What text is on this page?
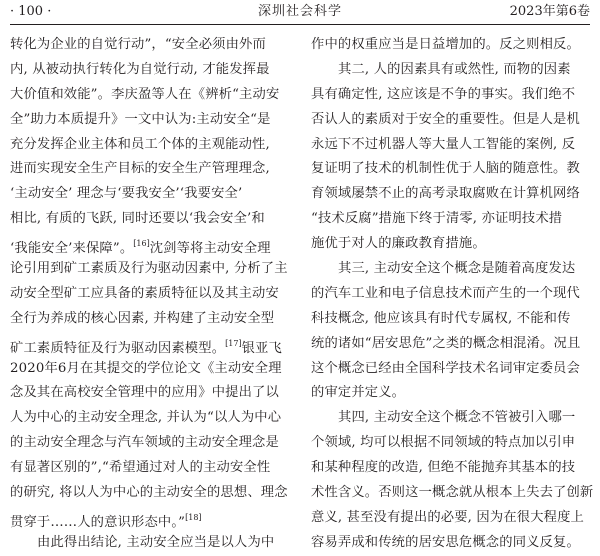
· 100 ·	深圳社会科学	2023年第6卷
转化为企业的自觉行动”，“安全必须由外而
内, 从被动执行转化为自觉行动, 才能发挥最
大价值和效能”。李庆盈等人在《辨析“主动安
全”助力本质提升》一文中认为:主动安全“是
充分发挥企业主体和员工个体的主观能动性,
进而实现安全生产目标的安全生产管理理念,
‘主动安全’ 理念与‘要我安全’‘我要安全’
相比, 有质的飞跃, 同时还要以‘我会安全’和
‘我能安全’来保障”。[16]沈剑等将主动安全理
论引用到矿工素质及行为驱动因素中, 分析了主
动安全型矿工应具备的素质特征以及其主动安
全行为养成的核心因素, 并构建了主动安全型
矿工素质特征及行为驱动因素模型。[17]银亚飞
2020年6月在其提交的学位论文《主动安全理
念及其在高校安全管理中的应用》中提出了以
人为中心的主动安全理念, 并认为“以人为中心
的主动安全理念与汽车领域的主动安全理念是
有显著区别的”,“希望通过对人的主动安全性
的研究, 将以人为中心的主动安全的思想、理念
贯穿于……人的意识形态中。”[18]
由此得出结论, 主动安全应当是以人为中
作中的权重应当是日益增加的。反之则相反。
其二, 人的因素具有或然性, 而物的因素
具有确定性, 这应该是不争的事实。我们绝不
否认人的素质对于安全的重要性。但是人是机
永远下不过机器人等大量人工智能的案例, 反
复证明了技术的机制性优于人脑的随意性。教
育领域屡禁不止的高考录取腐败在计算机网络
“技术反腐”措施下终于清零, 亦证明技术措
施优于对人的廉政教育措施。
其三, 主动安全这个概念是随着高度发达
的汽车工业和电子信息技术而产生的一个现代
科技概念, 他应该具有时代专属权, 不能和传
统的诸如“居安思危”之类的概念相混淆。况且
这个概念已经由全国科学技术名词审定委员会
的审定并定义。
其四, 主动安全这个概念不管被引入哪一
个领域, 均可以根据不同领域的特点加以引申
和某种程度的改造, 但绝不能抛弃其基本的技
术性含义。否则这一概念就从根本上失去了创新
意义, 甚至没有提出的必要, 因为在很大程度上
容易弄成和传统的居安思危概念的同义反复。
